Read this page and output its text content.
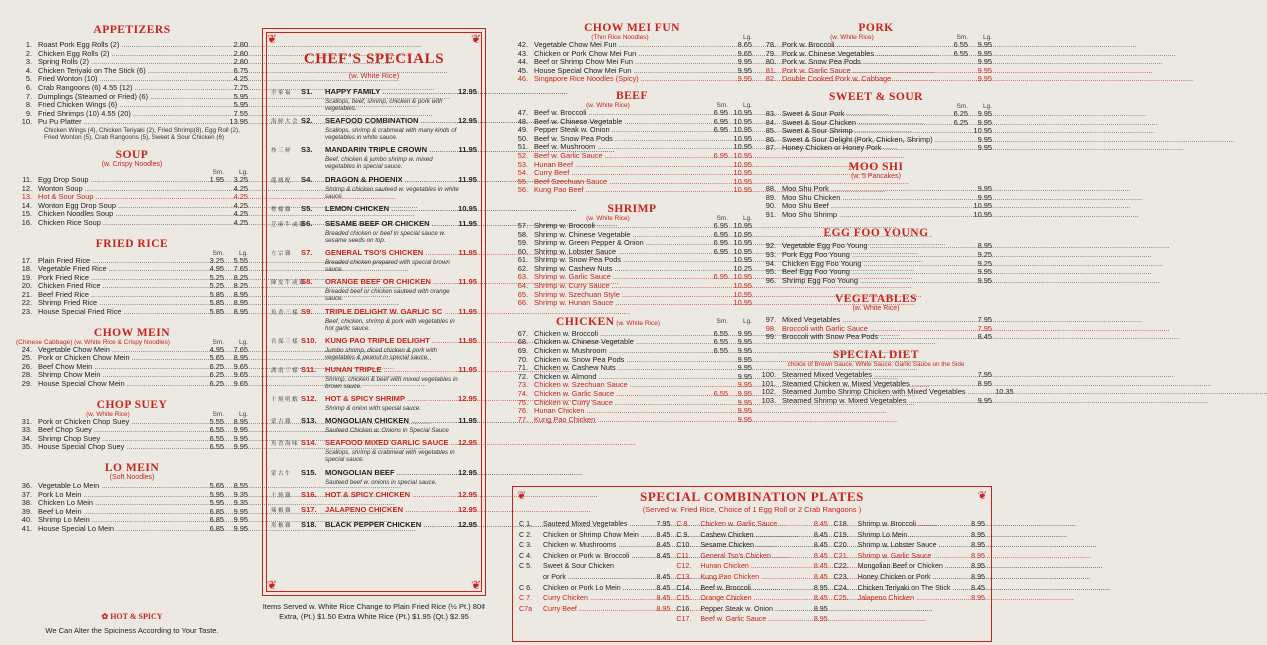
APPETIZERS
1. Roast Pork Egg Rolls (2) .....	2.80
2. Chicken Egg Rolls (2) .....	2.80
3. Spring Rolls (2) .....	2.80
4. Chicken Teriyaki on The Stick (6) .....	6.75
5. Fried Wonton (10) .....	4.25
6. Crab Rangoons (6) 4.55 (12) .....	7.75
7. Dumplings (Steamed or Fried) (6) .....	5.95
8. Fried Chicken Wings (6) .....	5.95
9. Fried Shrimps (10) 4.55 (20) .....	7.55
10. Pu Pu Platter .....	13.95
Chicken Wings (4), Chicken Teriyaki (2), Fried Shrimp(8), Egg Roll (2), Fried Wonton (5), Crab Rangoons (5), Sweet & Sour Chicken (6)
SOUP
(w. Crispy Noodles)
Sm.	Lg.
11. Egg Drop Soup .....	1.95	3.25
12. Wonton Soup .....	4.25
13. Hot & Sour Soup .....	4.25
14. Wonton Egg Drop Soup .....	4.25
15. Chicken Noodles Soup .....	4.25
16. Chicken Rice Soup .....	4.25
FRIED RICE
Sm.	Lg.
17. Plain Fried Rice .....	3.25	5.55
18. Vegetable Fried Rice .....	4.95	7.65
19. Pork Fried Rice .....	5.25	8.25
20. Chicken Fried Rice .....	5.25	8.25
21. Beef Fried Rice .....	5.85	8.95
22. Shrimp Fried Rice .....	5.85	8.95
23. House Special Fried Rice .....	5.85	8.95
CHOW MEIN
(Chinese Cabbage) (w. White Rice & Crispy Noodles)	Sm.	Lg.
24. Vegetable Chow Mein .....	4.95	7.65
25. Pork or Chicken Chow Mein .....	5.65	8.95
26. Beef Chow Mein .....	6.25	9.65
28. Shrimp Chow Mein .....	6.25	9.65
29. House Special Chow Mein .....	6.25	9.65
CHOP SUEY
(w. White Rice)	Sm.	Lg.
31. Pork or Chicken Chop Suey .....	5.55	8.95
33. Beef Chop Suey .....	6.55	9.95
34. Shrimp Chop Suey .....	6.55	9.95
35. House Special Chop Suey .....	6.55	9.95
LO MEIN
(Soft Noodles)
36. Vegetable Lo Mein .....	5.65	8.55
37. Pork Lo Mein .....	5.95	9.35
38. Chicken Lo Mein .....	5.95	9.35
39. Beef Lo Mein .....	6.85	9.95
40. Shrimp Lo Mein .....	6.85	9.95
41. House Special Lo Mein .....	6.85	9.95
✿ HOT & SPICY
We Can Alter the Spiciness According to Your Taste.
❦	❦
❦	❦
CHEF'S SPECIALS
(w. White Rice)
全 家 福	S1.	HAPPY FAMILY .....	12.95
Scallops, beef, shrimp, chicken & pork with vegetables.
海 鲜 大 会 S2.	SEAFOOD COMBINATION .....	12.95
Scallops, shrimp & crabmeat with many kinds of vegetables in white sauce.
炒 三 鲜	S3.	MANDARIN TRIPLE CROWN .....	11.95
Beef, chicken & jumbo shrimp w. mixed vegetables in special sauce.
龍 鳳 配	S4.	DRAGON & PHOENIX .....	11.95
Shrimp & chicken sauteed w. vegetables in white sauce.
檸 檬 雞	S5.	LEMON CHICKEN .....	10.95
芝 麻 牛 或 雞
S6.	SESAME BEEF OR CHICKEN .....	11.95
Breaded chicken or beef in special sauce w. sesame seeds on top.
左 宗 雞	S7.	GENERAL TSO'S CHICKEN .....	11.95
Breaded chicken prepared with special brown sauce.
陳 皮 牛 或 雞
S8.	ORANGE BEEF OR CHICKEN .....	11.95
Breaded beef or chicken sauteed with orange sauce.
魚 香 三 樣 S9.	TRIPLE DELIGHT W. GARLIC SC .....	11.95
Beef, chicken, shrimp & pork with vegetables in hot garlic sauce.
宮 保 三 樣 S10.	KUNG PAO TRIPLE DELIGHT .....	11.95
Jumbo shrimp, diced chicken & pork with vegetables & peanut in special sauce.
湖 南 三 樣 S11.	HUNAN TRIPLE .....	11.95
Shrimp, chicken & beef with mixed vegetables in brown sauce.
干 燒 明 蝦 S12.	HOT & SPICY SHRIMP .....	12.95
Shrimp & onion with special sauce.
蒙 古 雞	S13.	MONGOLIAN CHICKEN .....	11.95
Sauteed Chicken w. Onions in Special Sauce
魚 香 海 味 S14.	SEAFOOD MIXED GARLIC SAUCE .....	12.95
Scallops, shrimp & crabmeat with vegetables in special sauce.
蒙 古 牛	S15.	MONGOLIAN BEEF .....	12.95
Sauteed beef w. onions in special sauce.
干 燒 雞	S16.	HOT & SPICY CHICKEN .....	12.95
辣 椒 雞	S17.	JALAPENO CHICKEN .....	12.95
黑 椒 雞	S18.	BLACK PEPPER CHICKEN .....	12.95
Items Served w. White Rice Change to Plain Fried Rice (½ Pt.) 80¢ Extra, (Pt.) $1.50 Extra White Rice (Pt.) $1.95 (Qt.) $2.95
CHOW MEI FUN
(Thin Rice Noodles)	Lg.
42. Vegetable Chow Mei Fun .....	8.65
43. Chicken or Pork Chow Mei Fun .....	9.65
44. Beef or Shrimp Chow Mei Fun .....	9.95
45. House Special Chow Mei Fun .....	9.95
46. Singapore Rice Noodles (Spicy) .....	9.95
BEEF
(w. White Rice)	Sm.	Lg.
47. Beef w. Broccoli .....	6.95 10.95
48. Beef w. Chinese Vegetable .....	6.95 10.95
49. Pepper Steak w. Onion .....	6.95 10.95
50. Beef w. Snow Pea Pods .....	10.95
51. Beef w. Mushroom .....	10.95
52. Beef w. Garlic Sauce .....	6.95 10.95
53. Hunan Beef .....	10.95
54. Curry Beef .....	10.95
55. Beef Szechuan Sauce .....	10.95
56. Kung Pao Beef .....	10.95
SHRIMP
(w. White Rice)	Sm.	Lg.
57. Shrimp w. Broccoli .....	6.95 10.95
58. Shrimp w. Chinese Vegetable .....	6.95 10.95
59. Shrimp w. Green Pepper & Onion .....	6.95 10.95
60. Shrimp w. Lobster Sauce .....	6.95 10.95
61. Shrimp w. Snow Pea Pods .....	10.95
62. Shrimp w. Cashew Nuts .....	10.25
63. Shrimp w. Garlic Sauce .....	6.95 10.95
64. Shrimp w. Curry Sauce .....	10.95
65. Shrimp w. Szechuan Style .....	10.95
66. Shrimp w. Hunan Sauce .....	10.95
CHICKEN (w. White Rice)	Sm.	Lg.
67. Chicken w. Broccoli .....	6.55	9.95
68. Chicken w. Chinese Vegetable .....	6.55	9.95
69. Chicken w. Mushroom .....	6.55	9.95
70. Chicken w. Snow Pea Pods .....	9.95
71. Chicken w. Cashew Nuts .....	9.95
72. Chicken w. Almond .....	9.95
73. Chicken w. Szechuan Sauce .....	9.95
74. Chicken w. Garlic Sauce .....	6.55	9.95
75. Chicken w. Curry Sauce .....	9.95
76. Hunan Chicken .....	9.95
77. Kung Pao Chicken .....	9.95
PORK
(w. White Rice)	Sm.	Lg.
78. Pork w. Broccoli .....	6.55	9.95
79. Pork w. Chinese Vegetables .....	6.55	9.95
80. Pork w. Snow Pea Pods .....	9.95
81. Pork w. Garlic Sauce .....	9.95
82. Double Cooked Pork w. Cabbage .....	9.95
SWEET & SOUR
Sm.	Lg.
83. Sweet & Sour Pork .....	6.25	9.95
84. Sweet & Sour Chicken .....	6.25	9.95
85. Sweet & Sour Shrimp .....	10.95
86. Sweet & Sour Delight (Pork, Chicken, Shrimp) .....	9.95
87. Honey Chicken or Honey Pork .....	9.95
MOO SHI
(w. 5 Pancakes)
88. Moo Shu Pork .....	9.95
89. Moo Shu Chicken .....	9.95
90. Moo Shu Beef .....	10.95
91. Moo Shu Shrimp .....	10.95
EGG FOO YOUNG
92. Vegetable Egg Foo Young .....	8.95
93. Pork Egg Foo Young .....	9.25
94. Chicken Egg Foo Young .....	9.25
95. Beef Egg Foo Young .....	9.95
96. Shrimp Egg Foo Young .....	9.95
VEGETABLES
(w. White Rice)
97. Mixed Vegetables .....	7.95
98. Broccoli with Garlic Sauce .....	7.95
99. Broccoli with Snow Pea Pods .....	8.45
SPECIAL DIET
choice of Brown Sauce, White Sauce, Garlic Sauce on the Side
100. Steamed Mixed Vegetables .....	7.95
101. Steamed Chicken w. Mixed Vegetables .....	8.95
102. Steamed Jumbo Shrimp Chicken with Mixed Vegetables .....	10.35
103. Steamed Shrimp w. Mixed Vegetables .....	9.95
❦	❦
SPECIAL COMBINATION PLATES
(Served w. Fried Rice, Choice of 1 Egg Roll or 2 Crab Rangoons )
C 1.	Sauteed Mixed Vegetables .....	7.95
C 2.	Chicken or Shrimp Chow Mein .....	8.45
C 3.	Chicken w. Mushrooms .....	8.45
C 4.	Chicken or Pork w. Broccoli .....	8.45
C 5.	Sweet & Sour Chicken
or Pork .....	8.45
C 6.	Chicken or Pork Lo Mein .....	8.45
C 7.	Curry Chicken .....	8.45
C7a	Curry Beef .....	8.95
C 8.	Chicken w. Garlic Sauce .....	8.45
C 9.	Cashew Chicken .....	8.45
C10.	Sesame Chicken .....	8.45
C11.	General Tso's Chicken .....	8.45
C12.	Hunan Chicken .....	8.45
C13.	Kung Pao Chicken .....	8.45
C14.	Beef w. Broccoli .....	8.95
C15.	Orange Chicken .....	8.45
C16.	Pepper Steak w. Onion .....	8.95
C17.	Beef w. Garlic Sauce .....	8.95
C18.	Shrimp w. Broccoli .....	8.95
C19.	Shrimp Lo Mein .....	8.95
C20.	Shrimp w. Lobster Sauce .....	8.95
C21.	Shrimp w. Garlic Sauce .....	8.95
C22.	Mongolian Beef or Chicken .....	8.95
C23.	Honey Chicken or Pork .....	8.95
C24.	Chicken Teriyaki on The Stick .....	8.45
C25.	Jalapeno Chicken .....	8.95
